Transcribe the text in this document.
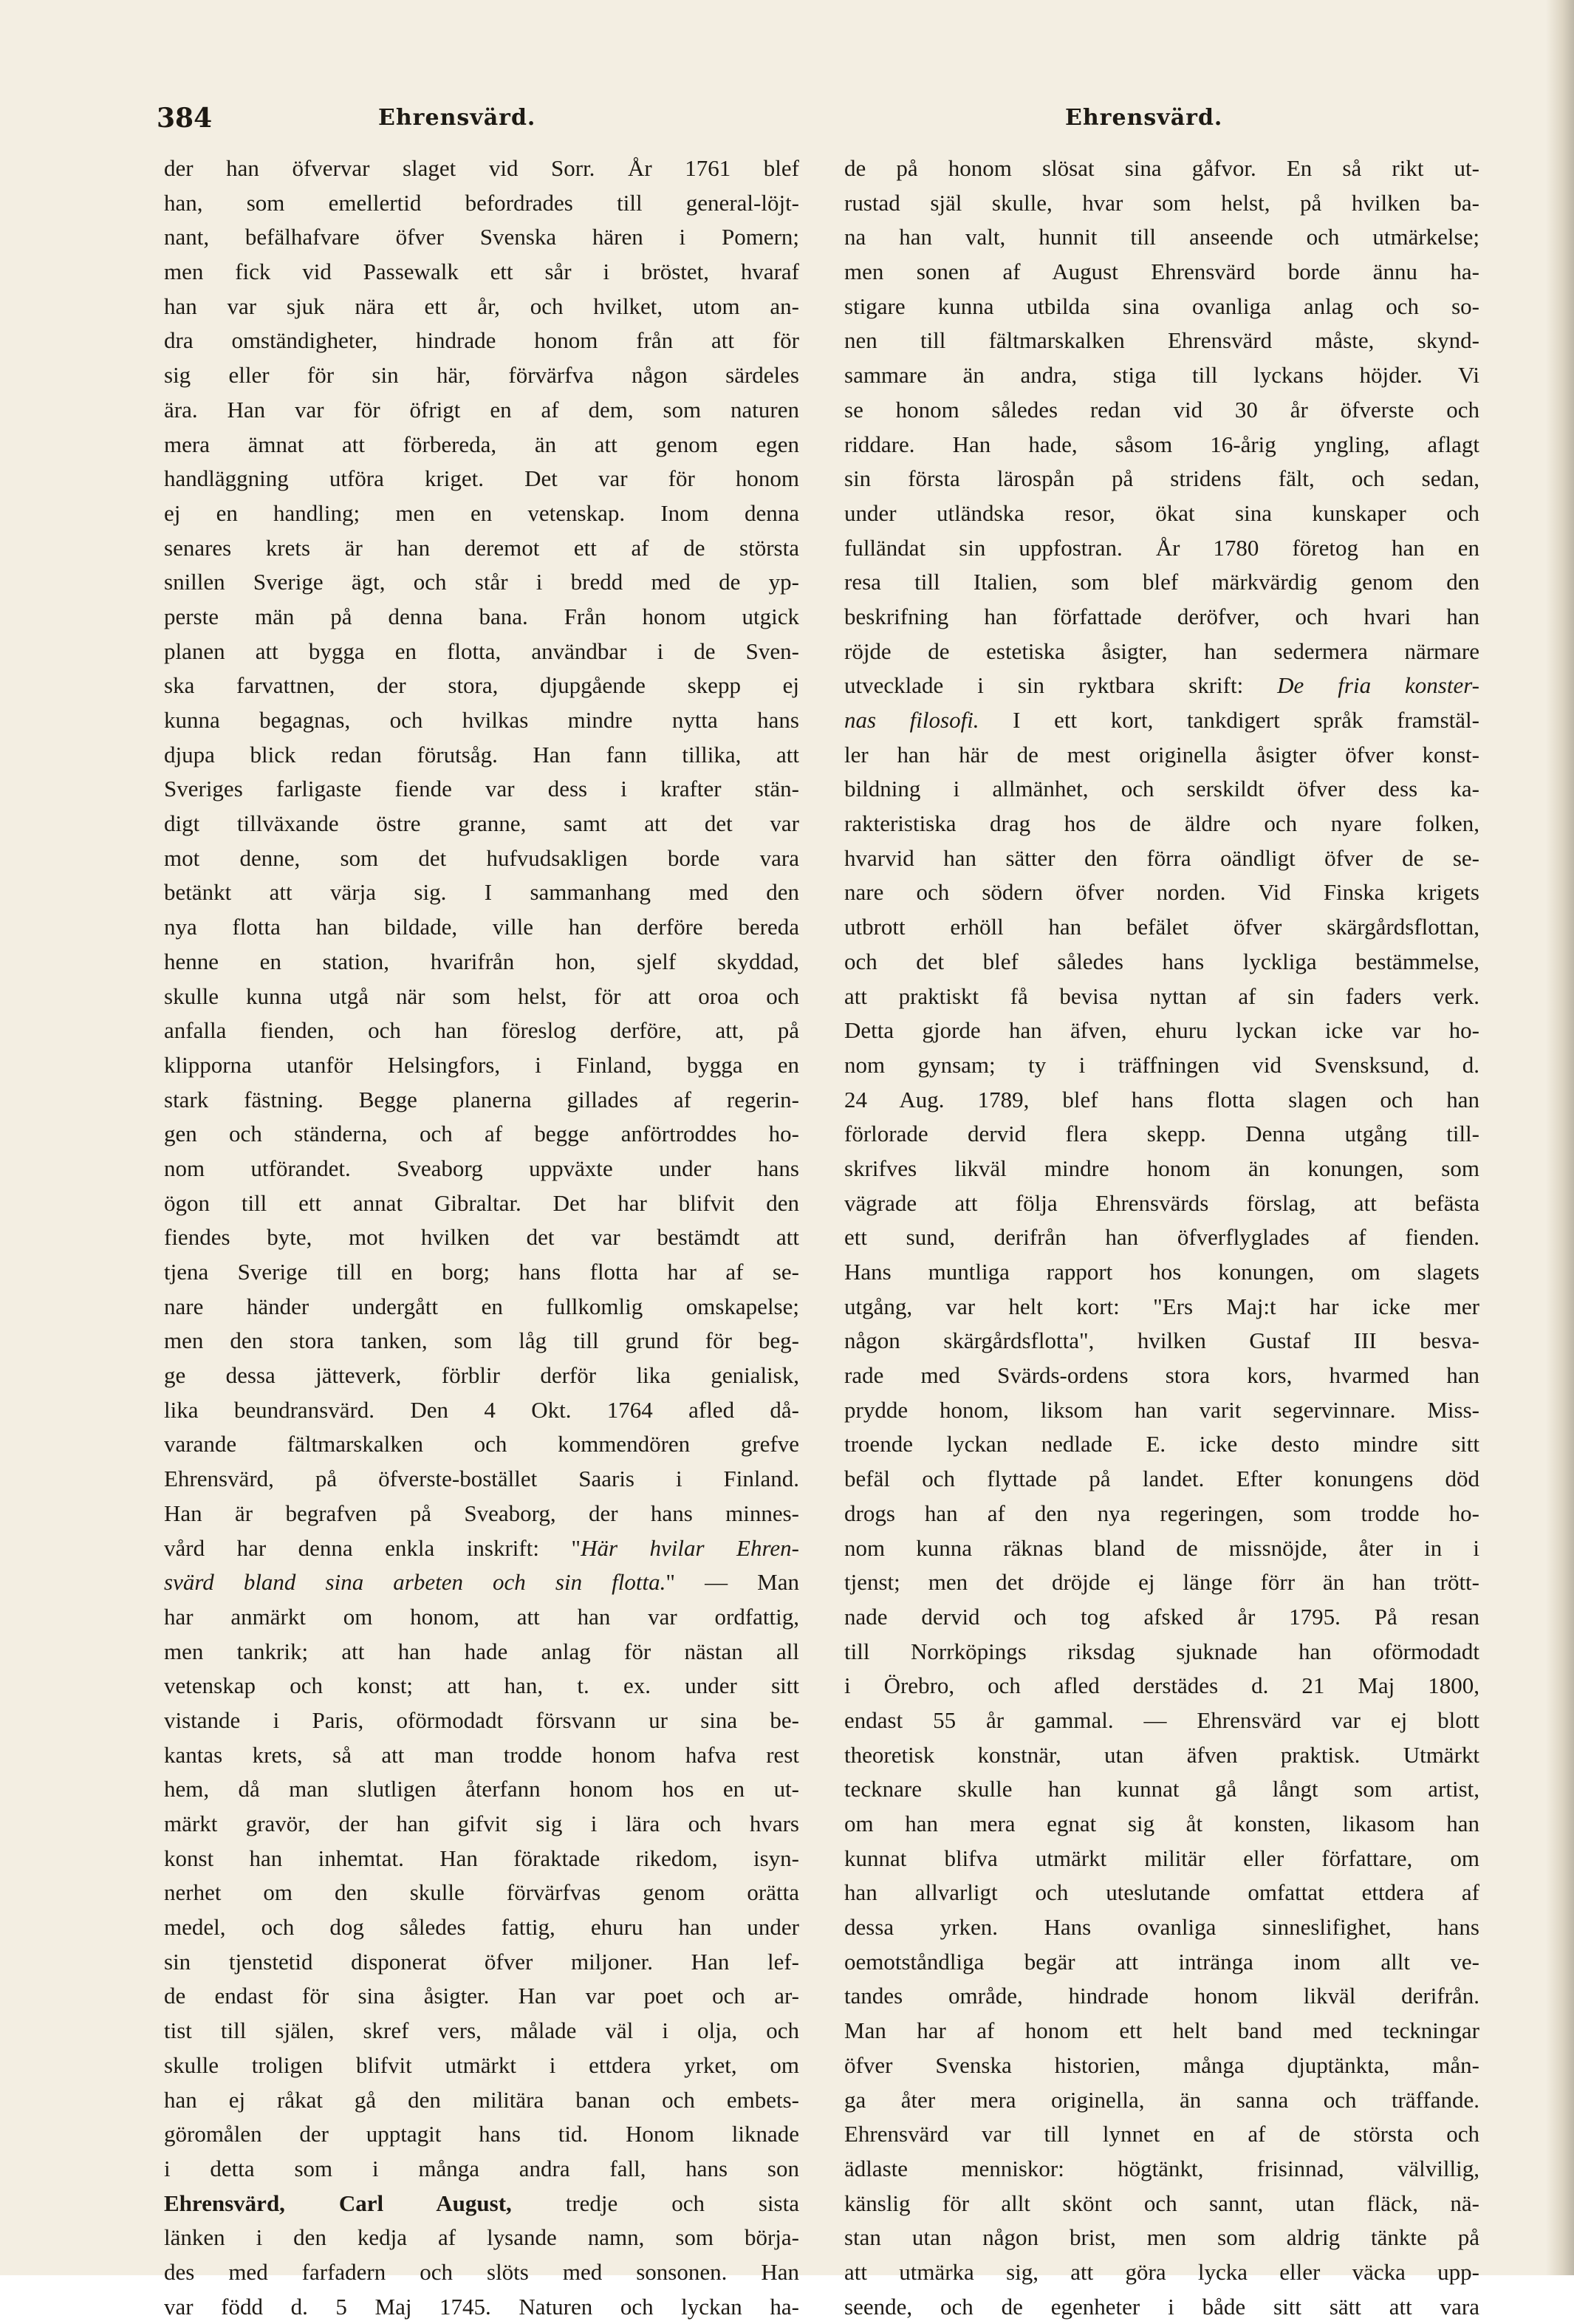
384	Ehrensvärd.	Ehrensvärd.
der han öfvervar slaget vid Sorr. År 1761 blef
han, som emellertid befordrades till general-löjt-
nant, befälhafvare öfver Svenska hären i Pomern;
men fick vid Passewalk ett sår i bröstet, hvaraf
han var sjuk nära ett år, och hvilket, utom an-
dra omständigheter, hindrade honom från att för
sig eller för sin här, förvärfva någon särdeles
ära. Han var för öfrigt en af dem, som naturen
mera ämnat att förbereda, än att genom egen
handläggning utföra kriget. Det var för honom
ej en handling; men en vetenskap. Inom denna
senares krets är han deremot ett af de största
snillen Sverige ägt, och står i bredd med de yp-
perste män på denna bana. Från honom utgick
planen att bygga en flotta, användbar i de Sven-
ska farvattnen, der stora, djupgående skepp ej
kunna begagnas, och hvilkas mindre nytta hans
djupa blick redan förutsåg. Han fann tillika, att
Sveriges farligaste fiende var dess i krafter stän-
digt tillväxande östre granne, samt att det var
mot denne, som det hufvudsakligen borde vara
betänkt att värja sig. I sammanhang med den
nya flotta han bildade, ville han derföre bereda
henne en station, hvarifrån hon, sjelf skyddad,
skulle kunna utgå när som helst, för att oroa och
anfalla fienden, och han föreslog derföre, att, på
klipporna utanför Helsingfors, i Finland, bygga en
stark fästning. Begge planerna gillades af regerin-
gen och ständerna, och af begge anförtroddes ho-
nom utförandet. Sveaborg uppväxte under hans
ögon till ett annat Gibraltar. Det har blifvit den
fiendes byte, mot hvilken det var bestämdt att
tjena Sverige till en borg; hans flotta har af se-
nare händer undergått en fullkomlig omskapelse;
men den stora tanken, som låg till grund för beg-
ge dessa jätteverk, förblir derför lika genialisk,
lika beundransvärd. Den 4 Okt. 1764 afled då-
varande fältmarskalken och kommendören grefve
Ehrensvärd, på öfverste-bostället Saaris i Finland.
Han är begrafven på Sveaborg, der hans minnes-
vård har denna enkla inskrift: "Här hvilar Ehren-
svärd bland sina arbeten och sin flotta." — Man
har anmärkt om honom, att han var ordfattig,
men tankrik; att han hade anlag för nästan all
vetenskap och konst; att han, t. ex. under sitt
vistande i Paris, oförmodadt försvann ur sina be-
kantas krets, så att man trodde honom hafva rest
hem, då man slutligen återfann honom hos en ut-
märkt gravör, der han gifvit sig i lära och hvars
konst han inhemtat. Han föraktade rikedom, isyn-
nerhet om den skulle förvärfvas genom orätta
medel, och dog således fattig, ehuru han under
sin tjenstetid disponerat öfver miljoner. Han lef-
de endast för sina åsigter. Han var poet och ar-
tist till själen, skref vers, målade väl i olja, och
skulle troligen blifvit utmärkt i ettdera yrket, om
han ej råkat gå den militära banan och embets-
göromålen der upptagit hans tid. Honom liknade
i detta som i många andra fall, hans son
Ehrensvärd, Carl August, tredje och sista
länken i den kedja af lysande namn, som börja-
des med farfadern och slöts med sonsonen. Han
var född d. 5 Maj 1745. Naturen och lyckan ha-
de på honom slösat sina gåfvor. En så rikt ut-
rustad själ skulle, hvar som helst, på hvilken ba-
na han valt, hunnit till anseende och utmärkelse;
men sonen af August Ehrensvärd borde ännu ha-
stigare kunna utbilda sina ovanliga anlag och so-
nen till fältmarskalken Ehrensvärd måste, skynd-
sammare än andra, stiga till lyckans höjder. Vi
se honom således redan vid 30 år öfverste och
riddare. Han hade, såsom 16-årig yngling, aflagt
sin första lärospån på stridens fält, och sedan,
under utländska resor, ökat sina kunskaper och
fulländat sin uppfostran. År 1780 företog han en
resa till Italien, som blef märkvärdig genom den
beskrifning han författade deröfver, och hvari han
röjde de estetiska åsigter, han sedermera närmare
utvecklade i sin ryktbara skrift: De fria konster-
nas filosofi. I ett kort, tankdigert språk framstäl-
ler han här de mest originella åsigter öfver konst-
bildning i allmänhet, och serskildt öfver dess ka-
rakteristiska drag hos de äldre och nyare folken,
hvarvid han sätter den förra oändligt öfver de se-
nare och södern öfver norden. Vid Finska krigets
utbrott erhöll han befälet öfver skärgårdsflottan,
och det blef således hans lyckliga bestämmelse,
att praktiskt få bevisa nyttan af sin faders verk.
Detta gjorde han äfven, ehuru lyckan icke var ho-
nom gynsam; ty i träffningen vid Svensksund, d.
24 Aug. 1789, blef hans flotta slagen och han
förlorade dervid flera skepp. Denna utgång till-
skrifves likväl mindre honom än konungen, som
vägrade att följa Ehrensvärds förslag, att befästa
ett sund, derifrån han öfverflyglades af fienden.
Hans muntliga rapport hos konungen, om slagets
utgång, var helt kort: "Ers Maj:t har icke mer
någon skärgårdsflotta", hvilken Gustaf III besva-
rade med Svärds-ordens stora kors, hvarmed han
prydde honom, liksom han varit segervinnare. Miss-
troende lyckan nedlade E. icke desto mindre sitt
befäl och flyttade på landet. Efter konungens död
drogs han af den nya regeringen, som trodde ho-
nom kunna räknas bland de missnöjde, åter in i
tjenst; men det dröjde ej länge förr än han trött-
nade dervid och tog afsked år 1795. På resan
till Norrköpings riksdag sjuknade han oförmodadt
i Örebro, och afled derstädes d. 21 Maj 1800,
endast 55 år gammal. — Ehrensvärd var ej blott
theoretisk konstnär, utan äfven praktisk. Utmärkt
tecknare skulle han kunnat gå långt som artist,
om han mera egnat sig åt konsten, likasom han
kunnat blifva utmärkt militär eller författare, om
han allvarligt och uteslutande omfattat ettdera af
dessa yrken. Hans ovanliga sinneslifighet, hans
oemotståndliga begär att intränga inom allt ve-
tandes område, hindrade honom likväl derifrån.
Man har af honom ett helt band med teckningar
öfver Svenska historien, många djuptänkta, mån-
ga åter mera originella, än sanna och träffande.
Ehrensvärd var till lynnet en af de största och
ädlaste menniskor: högtänkt, frisinnad, välvillig,
känslig för allt skönt och sannt, utan fläck, nä-
stan utan någon brist, men som aldrig tänkte på
att utmärka sig, att göra lycka eller väcka upp-
seende, och de egenheter i både sitt sätt att vara
